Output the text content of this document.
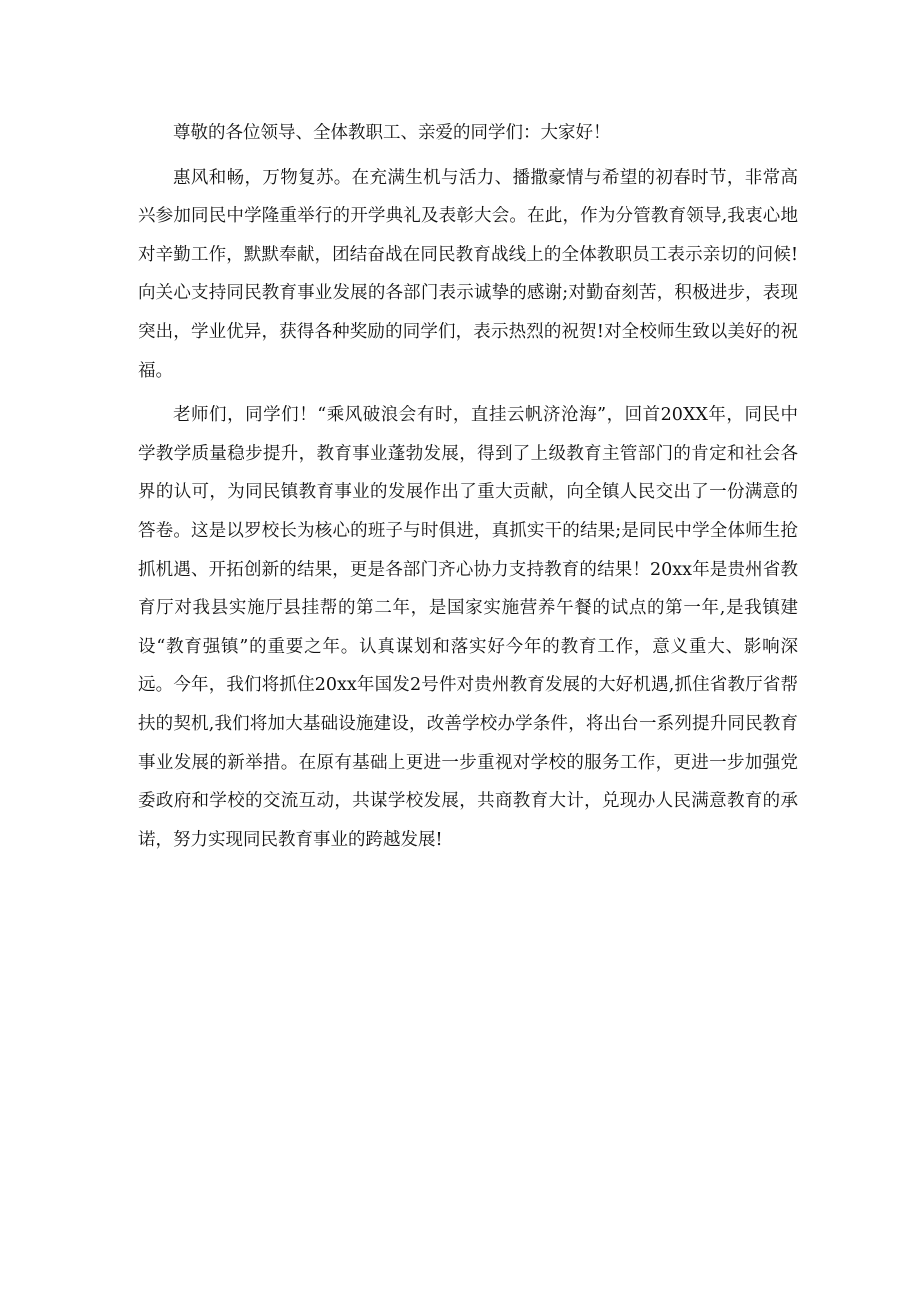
尊敬的各位领导、全体教职工、亲爱的同学们：大家好！

惠风和畅，万物复苏。在充满生机与活力、播撒豪情与希望的初春时节，非常高兴参加同民中学隆重举行的开学典礼及表彰大会。在此，作为分管教育领导,我衷心地对辛勤工作，默默奉献，团结奋战在同民教育战线上的全体教职员工表示亲切的问候!向关心支持同民教育事业发展的各部门表示诚挚的感谢;对勤奋刻苦，积极进步，表现突出，学业优异，获得各种奖励的同学们，表示热烈的祝贺!对全校师生致以美好的祝福。

老师们，同学们！“乘风破浪会有时，直挂云帆济沧海”，回首20XX年，同民中学教学质量稳步提升，教育事业蓬勃发展，得到了上级教育主管部门的肯定和社会各界的认可，为同民镇教育事业的发展作出了重大贡献，向全镇人民交出了一份满意的答卷。这是以罗校长为核心的班子与时俱进，真抓实干的结果;是同民中学全体师生抢抓机遇、开拓创新的结果，更是各部门齐心协力支持教育的结果！20xx年是贵州省教育厅对我县实施厅县挂帮的第二年，是国家实施营养午餐的试点的第一年,是我镇建设“教育强镇”的重要之年。认真谋划和落实好今年的教育工作，意义重大、影响深远。今年，我们将抓住20xx年国发2号件对贵州教育发展的大好机遇,抓住省教厅省帮扶的契机,我们将加大基础设施建设，改善学校办学条件，将出台一系列提升同民教育事业发展的新举措。在原有基础上更进一步重视对学校的服务工作，更进一步加强党委政府和学校的交流互动，共谋学校发展，共商教育大计，兑现办人民满意教育的承诺，努力实现同民教育事业的跨越发展!
